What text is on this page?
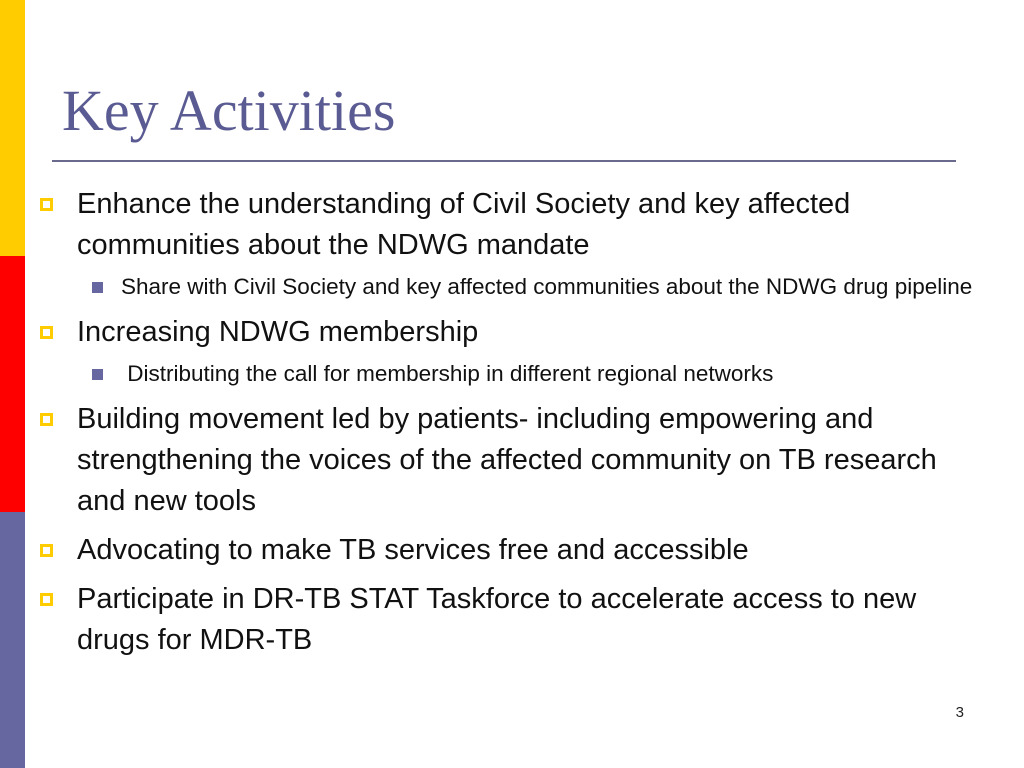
Key Activities
Enhance the understanding of Civil Society and key affected communities about the NDWG mandate
Share with Civil Society and key affected communities about the NDWG drug pipeline
Increasing NDWG membership
Distributing the call for membership in different regional networks
Building movement led by patients- including empowering and strengthening the voices of the affected community on TB research and new tools
Advocating to make TB services free and accessible
Participate in DR-TB STAT Taskforce to accelerate access to new drugs for MDR-TB
3
